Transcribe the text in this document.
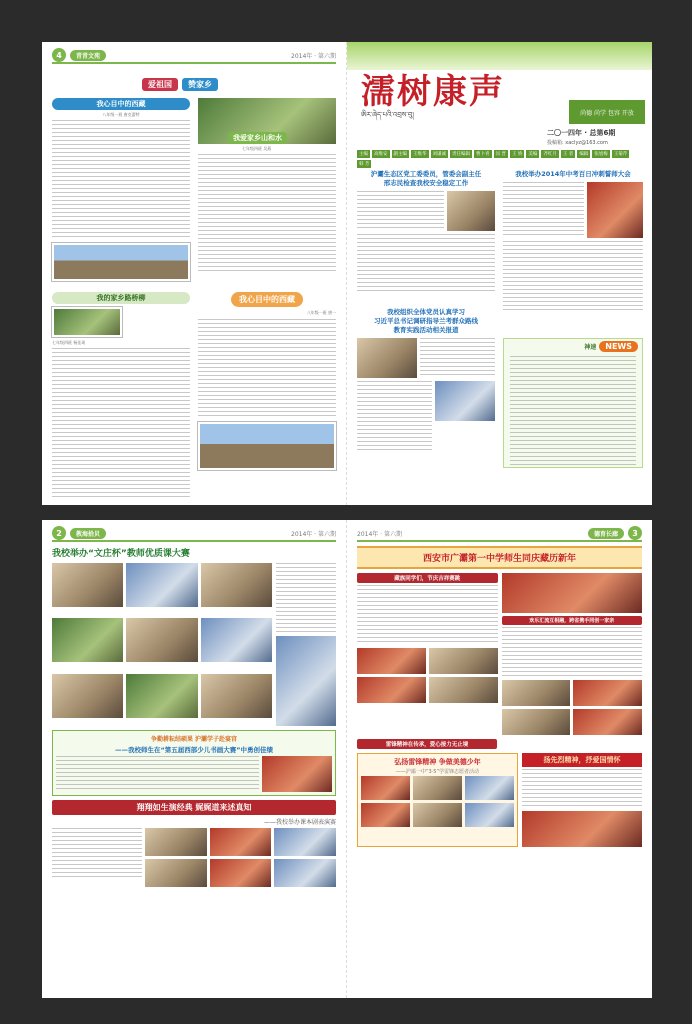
4	青青文苑	2014年 · 第六期
爱祖国	赞家乡
我心目中的西藏
八年级一班 唐克蕾特
我爱家乡山和水
七年级四班 吴燕
我的家乡路桥柳
七年级四班 杨佳琦
我心目中的西藏
八年级一班 唐一
濡树康声
ཨིར་ཞེད་པའི་འབྲས་བུ།	尚德 尚学 包容 开放
二〇一四年 · 总第6期
投稿箱: xaclyz@163.com
主编	高维安	副主编	王维华	刘谦诚	责任编辑	曹卜青	闵 晋	王 娇	美编	齐红月	王 者	编辑	张旭梅	王菊芹
韩 芳
沪灞生态区党工委委员，管委会副主任
邢志民检查我校安全稳定工作
我校组织全体党员认真学习
习近平总书记调研指导兰考群众路线
教育实践活动相关报道
我校举办2014年中考百日冲刺誓师大会
神速	NEWS
2	教海拾贝	2014年 · 第六期
我校举办“文庄杯”教师优质课大赛
争勤耕耘结硕果 沪灞学子赴宴宫
——我校师生在“第五届西部少儿书画大赛”中勇创佳绩
翔翔如生演经典 娓娓道来述真知
——我校举办课本剧表演赛
2014年 · 第六期	德育长廊	3
西安市广灞第一中学师生同庆藏历新年
藏族同学们，节庆吉祥赛跳
欢乐汇流互相融，跨省携手同创一家亲
雷锋精神在传承，爱心接力无止境
弘扬雷锋精神 争做美德少年
——沪灞一中“3·5”学雷锋志愿者活动
扬先烈精神，抒爱国情怀
